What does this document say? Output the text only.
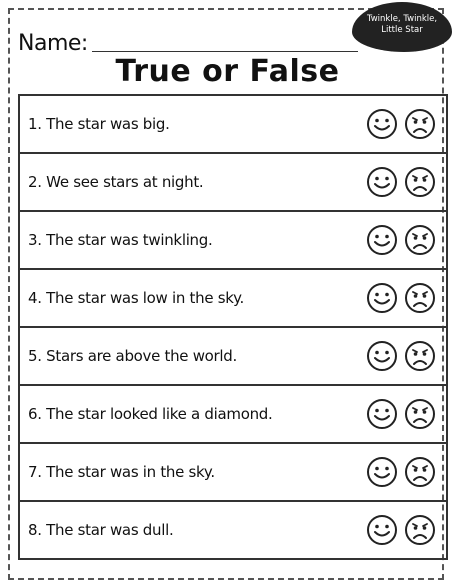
Twinkle, Twinkle,
Little Star
Name:
True or False
1. The star was big.
2. We see stars at night.
3. The star was twinkling.
4. The star was low in the sky.
5. Stars are above the world.
6. The star looked like a diamond.
7. The star was in the sky.
8. The star was dull.
